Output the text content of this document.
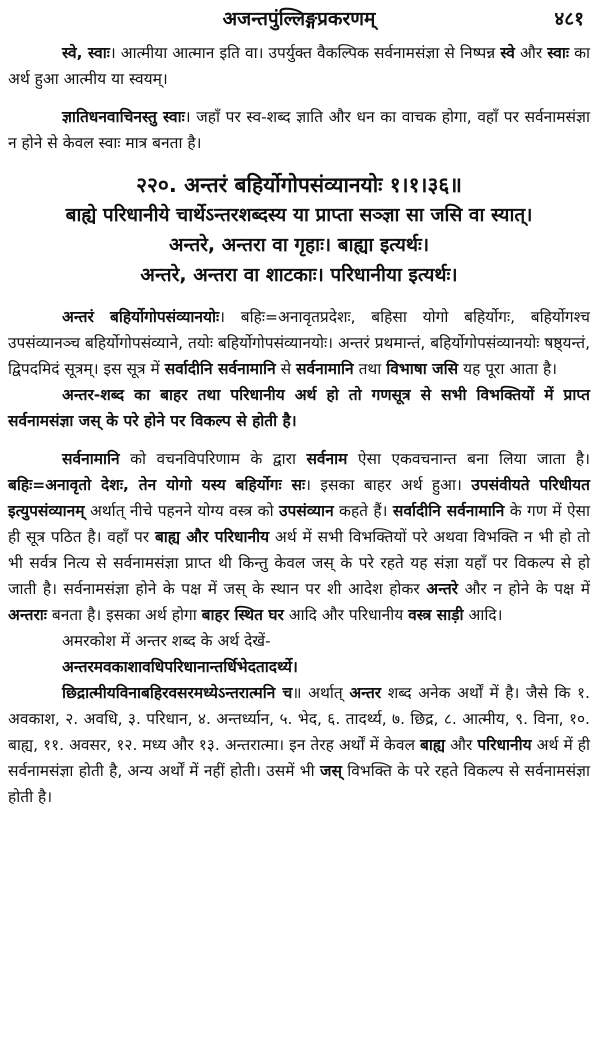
अजन्तपुंल्लिङ्गप्रकरणम्	४८१

स्वे, स्वाः। आत्मीया आत्मान इति वा। उपर्युक्त वैकल्पिक सर्वनामसंज्ञा से निष्पन्न स्वे और स्वाः का अर्थ हुआ आत्मीय या स्वयम्।

ज्ञातिधनवाचिनस्तु स्वाः। जहाँ पर स्व-शब्द ज्ञाति और धन का वाचक होगा, वहाँ पर सर्वनामसंज्ञा न होने से केवल स्वाः मात्र बनता है।

२२०. अन्तरं बहिर्योगोपसंव्यानयोः १।१।३६॥
बाह्ये परिधानीये चार्थेऽन्तरशब्दस्य या प्राप्ता सञ्ज्ञा सा जसि वा स्यात्।
अन्तरे, अन्तरा वा गृहाः। बाह्या इत्यर्थः।
अन्तरे, अन्तरा वा शाटकाः। परिधानीया इत्यर्थः।

अन्तरं बहिर्योगोपसंव्यानयोः। बहिः=अनावृतप्रदेशः, बहिसा योगो बहिर्योगः, बहिर्योगश्च उपसंव्यानञ्च बहिर्योगोपसंव्याने, तयोः बहिर्योगोपसंव्यानयोः। अन्तरं प्रथमान्तं, बहिर्योगोपसंव्यानयोः षष्ठ्यन्तं, द्विपदमिदं सूत्रम्। इस सूत्र में सर्वादीनि सर्वनामानि से सर्वनामानि तथा विभाषा जसि यह पूरा आता है।

अन्तर-शब्द का बाहर तथा परिधानीय अर्थ हो तो गणसूत्र से सभी विभक्तियों में प्राप्त सर्वनामसंज्ञा जस् के परे होने पर विकल्प से होती है।

सर्वनामानि को वचनविपरिणाम के द्वारा सर्वनाम ऐसा एकवचनान्त बना लिया जाता है। बहिः=अनावृतो देशः, तेन योगो यस्य बहिर्योगः सः। इसका बाहर अर्थ हुआ। उपसंवीयते परिधीयत इत्युपसंव्यानम् अर्थात् नीचे पहनने योग्य वस्त्र को उपसंव्यान कहते हैं। सर्वादीनि सर्वनामानि के गण में ऐसा ही सूत्र पठित है। वहाँ पर बाह्य और परिधानीय अर्थ में सभी विभक्तियों परे अथवा विभक्ति न भी हो तो भी सर्वत्र नित्य से सर्वनामसंज्ञा प्राप्त थी किन्तु केवल जस् के परे रहते यह संज्ञा यहाँ पर विकल्प से हो जाती है। सर्वनामसंज्ञा होने के पक्ष में जस् के स्थान पर शी आदेश होकर अन्तरे और न होने के पक्ष में अन्तराः बनता है। इसका अर्थ होगा बाहर स्थित घर आदि और परिधानीय वस्त्र साड़ी आदि।

अमरकोश में अन्तर शब्द के अर्थ देखें-

अन्तरमवकाशावधिपरिधानान्तर्धिभेदतादर्थ्ये।

छिद्रात्मीयविनाबहिरवसरमध्येऽन्तरात्मनि च॥ अर्थात् अन्तर शब्द अनेक अर्थों में है। जैसे कि १. अवकाश, २. अवधि, ३. परिधान, ४. अन्तर्ध्यान, ५. भेद, ६. तादर्थ्य, ७. छिद्र, ८. आत्मीय, ९. विना, १०. बाह्य, ११. अवसर, १२. मध्य और १३. अन्तरात्मा। इन तेरह अर्थों में केवल बाह्य और परिधानीय अर्थ में ही सर्वनामसंज्ञा होती है, अन्य अर्थों में नहीं होती। उसमें भी जस् विभक्ति के परे रहते विकल्प से सर्वनामसंज्ञा होती है।
